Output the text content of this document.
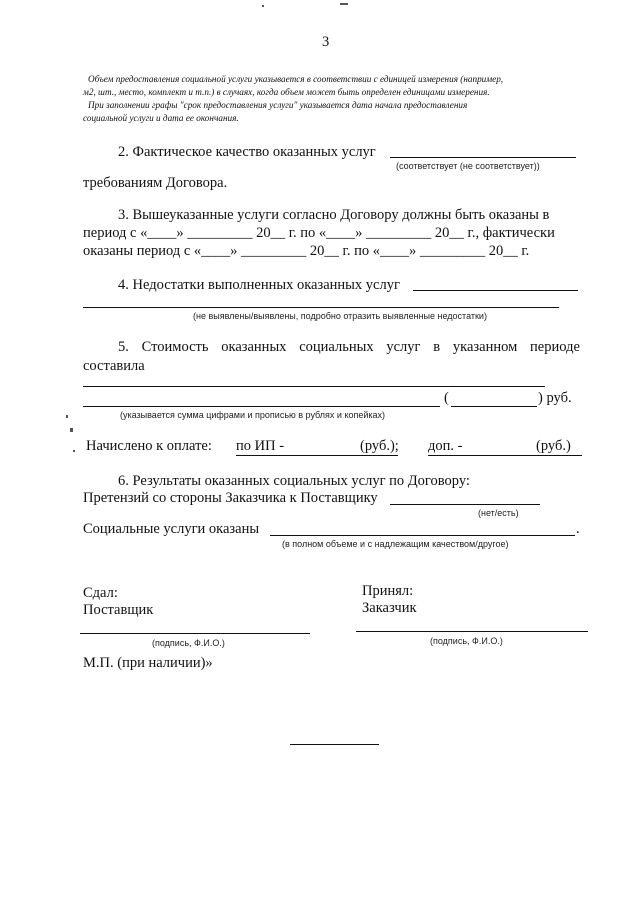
3
Объем предоставления социальной услуги указывается в соответствии с единицей измерения (например,
м2, шт., место, комплект и т.п.) в случаях, когда объем может быть определен единицами измерения.
При заполнении графы "срок предоставления услуги" указывается дата начала предоставления
социальной услуги и дата ее окончания.
2. Фактическое качество оказанных услуг
(соответствует (не соответствует))
требованиям Договора.
3. Вышеуказанные услуги согласно Договору должны быть оказаны в
период с «____» _________ 20__ г. по «____» _________ 20__ г., фактически
оказаны период с «____» _________ 20__ г. по «____» _________ 20__ г.
4. Недостатки выполненных оказанных услуг
(не выявлены/выявлены, подробно отразить выявленные недостатки)
5. Стоимость оказанных социальных услуг в указанном периоде
составила
(	) руб.
(указывается сумма цифрами и прописью в рублях и копейках)
Начислено к оплате: по ИП -	(руб.); доп. -	(руб.)
6. Результаты оказанных социальных услуг по Договору:
Претензий со стороны Заказчика к Поставщику
(нет/есть)
Социальные услуги оказаны	.
(в полном объеме и с надлежащим качеством/другое)
Сдал:
Поставщик
(подпись, Ф.И.О.)
Принял:
Заказчик
(подпись, Ф.И.О.)
М.П. (при наличии)»
